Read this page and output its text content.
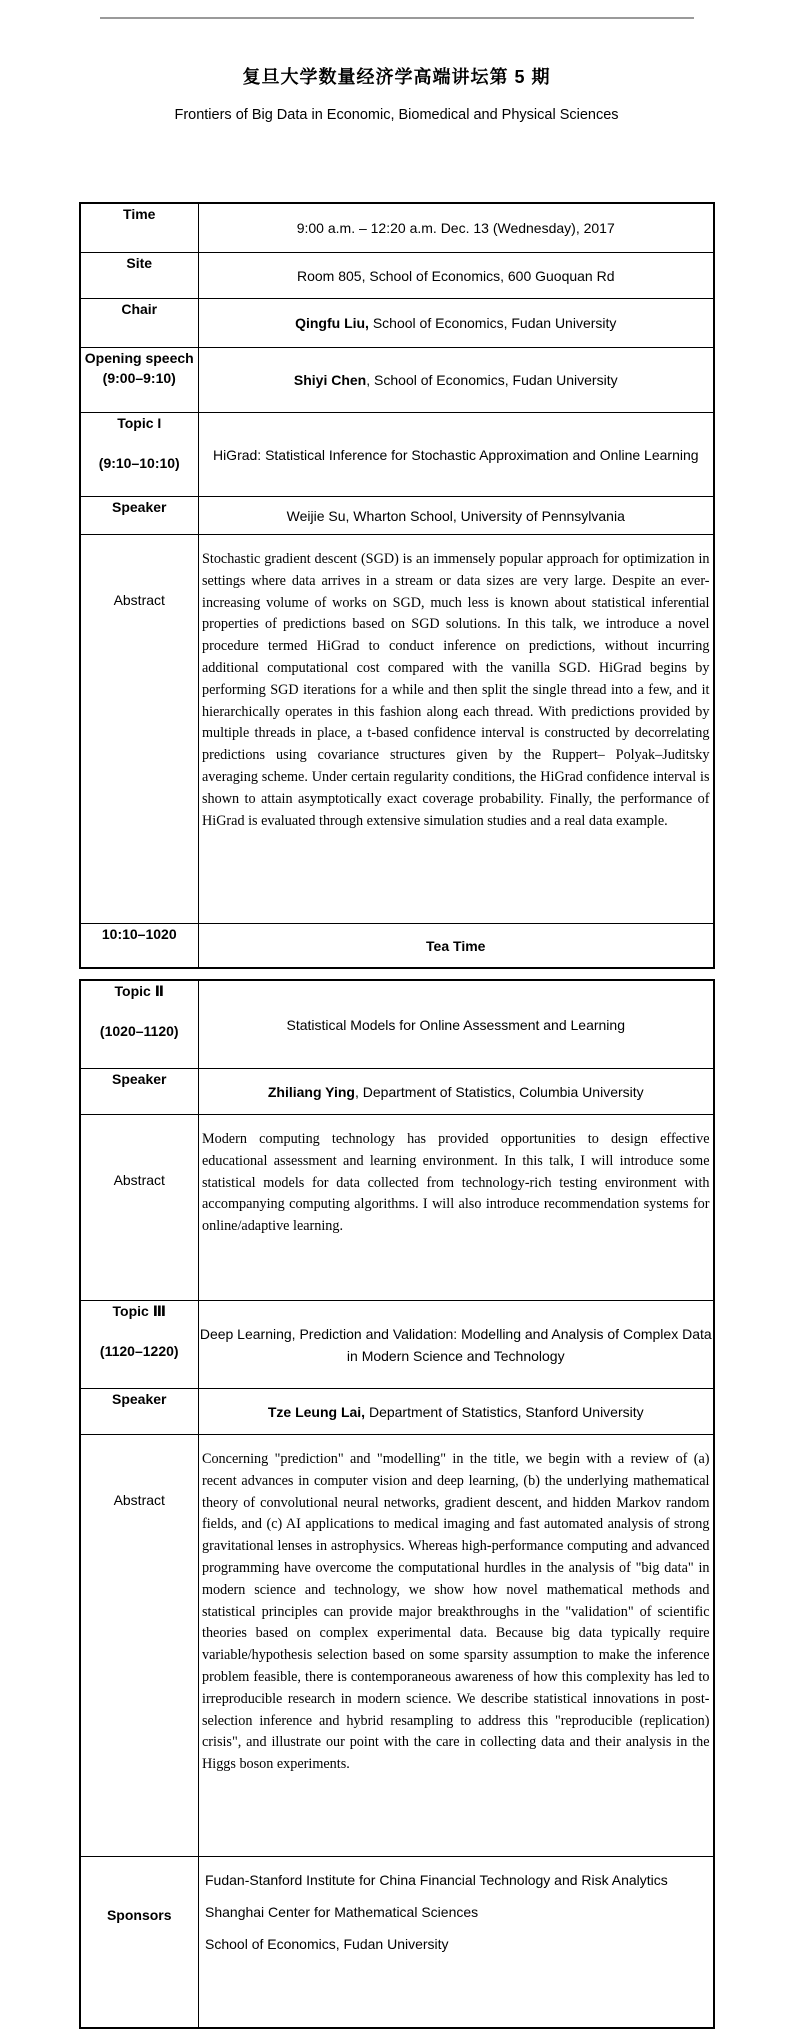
复旦大学数量经济学高端讲坛第 5 期
Frontiers of Big Data in Economic, Biomedical and Physical Sciences
Time	9:00 a.m. – 12:20 a.m. Dec. 13 (Wednesday), 2017
Site	Room 805, School of Economics, 600 Guoquan Rd
Chair	Qingfu Liu, School of Economics, Fudan University

Opening speech
(9:00–9:10)	Shiyi Chen, School of Economics, Fudan University

Topic I
(9:10–10:10)	HiGrad: Statistical Inference for Stochastic Approximation and Online Learning
Speaker	Weijie Su, Wharton School, University of Pennsylvania
Abstract	Stochastic gradient descent (SGD) is an immensely popular approach for optimization in settings where data arrives in a stream or data sizes are very large. Despite an ever-increasing volume of works on SGD, much less is known about statistical inferential properties of predictions based on SGD solutions. In this talk, we introduce a novel procedure termed HiGrad to conduct inference on predictions, without incurring additional computational cost compared with the vanilla SGD. HiGrad begins by performing SGD iterations for a while and then split the single thread into a few, and it hierarchically operates in this fashion along each thread. With predictions provided by multiple threads in place, a t-based confidence interval is constructed by decorrelating predictions using covariance structures given by the Ruppert– Polyak–Juditsky averaging scheme. Under certain regularity conditions, the HiGrad confidence interval is shown to attain asymptotically exact coverage probability. Finally, the performance of HiGrad is evaluated through extensive simulation studies and a real data example.
10:10–1020	Tea Time
Topic Ⅱ
(1020–1120)	Statistical Models for Online Assessment and Learning
Speaker	Zhiliang Ying, Department of Statistics, Columbia University
Abstract	Modern computing technology has provided opportunities to design effective educational assessment and learning environment. In this talk, I will introduce some statistical models for data collected from technology-rich testing environment with accompanying computing algorithms. I will also introduce recommendation systems for online/adaptive learning.

Topic Ⅲ
(1120–1220)	Deep Learning, Prediction and Validation: Modelling and Analysis of Complex Data in Modern Science and Technology
Speaker	Tze Leung Lai, Department of Statistics, Stanford University
Abstract	Concerning "prediction" and "modelling" in the title, we begin with a review of (a) recent advances in computer vision and deep learning, (b) the underlying mathematical theory of convolutional neural networks, gradient descent, and hidden Markov random fields, and (c) AI applications to medical imaging and fast automated analysis of strong gravitational lenses in astrophysics. Whereas high-performance computing and advanced programming have overcome the computational hurdles in the analysis of "big data" in modern science and technology, we show how novel mathematical methods and statistical principles can provide major breakthroughs in the "validation" of scientific theories based on complex experimental data. Because big data typically require variable/hypothesis selection based on some sparsity assumption to make the inference problem feasible, there is contemporaneous awareness of how this complexity has led to irreproducible research in modern science. We describe statistical innovations in post-selection inference and hybrid resampling to address this "reproducible (replication) crisis", and illustrate our point with the care in collecting data and their analysis in the Higgs boson experiments.
Sponsors	Fudan-Stanford Institute for China Financial Technology and Risk Analytics

Shanghai Center for Mathematical Sciences

School of Economics, Fudan University
